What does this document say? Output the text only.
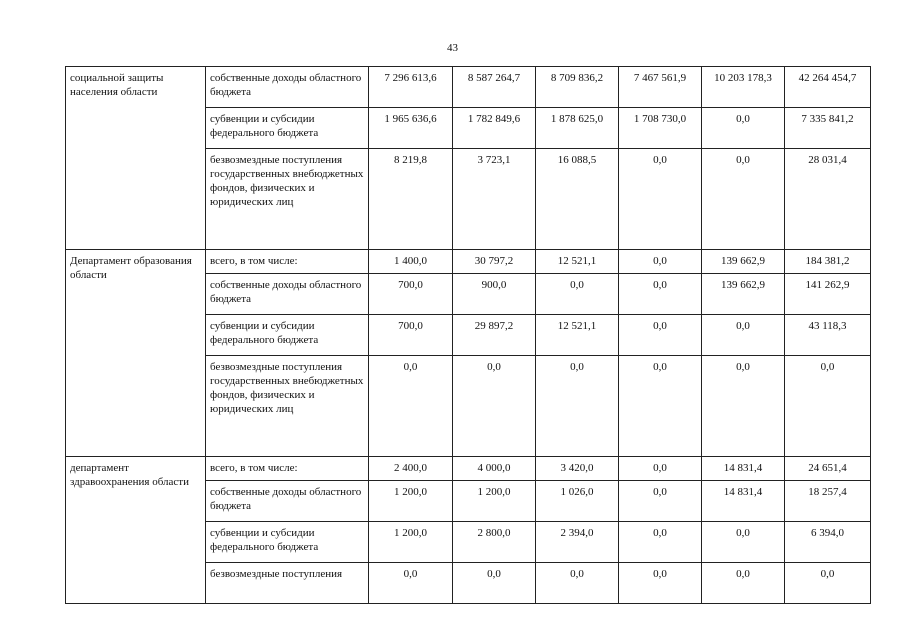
43
социальной защиты населения области	собственные доходы областного бюджета	7 296 613,6	8 587 264,7	8 709 836,2	7 467 561,9	10 203 178,3	42 264 454,7
	субвенции и субсидии федерального бюджета	1 965 636,6	1 782 849,6	1 878 625,0	1 708 730,0	0,0	7 335 841,2
	безвозмездные поступления государственных внебюджетных фондов, физических и юридических лиц	8 219,8	3 723,1	16 088,5	0,0	0,0	28 031,4
Департамент образования области	всего, в том числе:	1 400,0	30 797,2	12 521,1	0,0	139 662,9	184 381,2
	собственные доходы областного бюджета	700,0	900,0	0,0	0,0	139 662,9	141 262,9
	субвенции и субсидии федерального бюджета	700,0	29 897,2	12 521,1	0,0	0,0	43 118,3
	безвозмездные поступления государственных внебюджетных фондов, физических и юридических лиц	0,0	0,0	0,0	0,0	0,0	0,0
департамент здравоохранения области	всего, в том числе:	2 400,0	4 000,0	3 420,0	0,0	14 831,4	24 651,4
	собственные доходы областного бюджета	1 200,0	1 200,0	1 026,0	0,0	14 831,4	18 257,4
	субвенции и субсидии федерального бюджета	1 200,0	2 800,0	2 394,0	0,0	0,0	6 394,0
	безвозмездные поступления	0,0	0,0	0,0	0,0	0,0	0,0
